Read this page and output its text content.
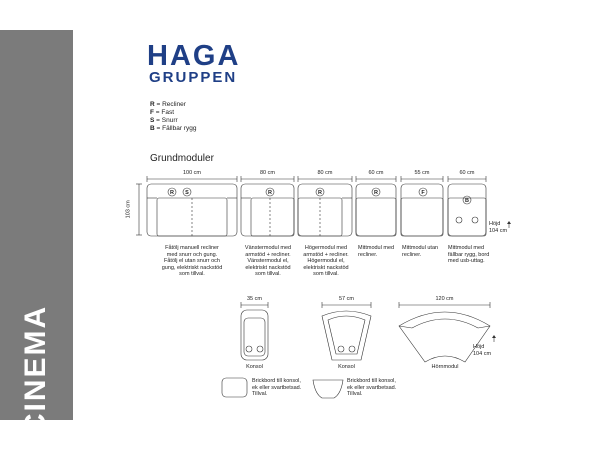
CINEMA
HAGA
GRUPPEN
R = Recliner
F = Fast
S = Snurr
B = Fällbar rygg
Grundmoduler
R S	R	R	R	F
B
100 cm	80 cm	80 cm	60 cm	55 cm	60 cm
103 cm
Höjd
104 cm
Fåtölj manuell recliner
med snurr och gung.
Fåtölj el utan snurr och
gung, elektriskt nackstöd
som tillval.
Vänstermodul med
armstöd + recliner.
Vänstermodul el,
elektriskt nackstöd
som tillval.
Högermodul med
armstöd + recliner.
Högermodul el,
elektriskt nackstöd
som tillval.
Mittmodul med
recliner.
Mittmodul utan
recliner.
Mittmodul med
fällbar rygg, bord
med usb-uttag.
35 cm	57 cm	120 cm
Konsol	Konsol	Hörnmodul
Höjd
104 cm
Brickbord till konsol,
ek eller svartbetsad.
Tillval.
Brickbord till konsol,
ek eller svartbetsad.
Tillval.
